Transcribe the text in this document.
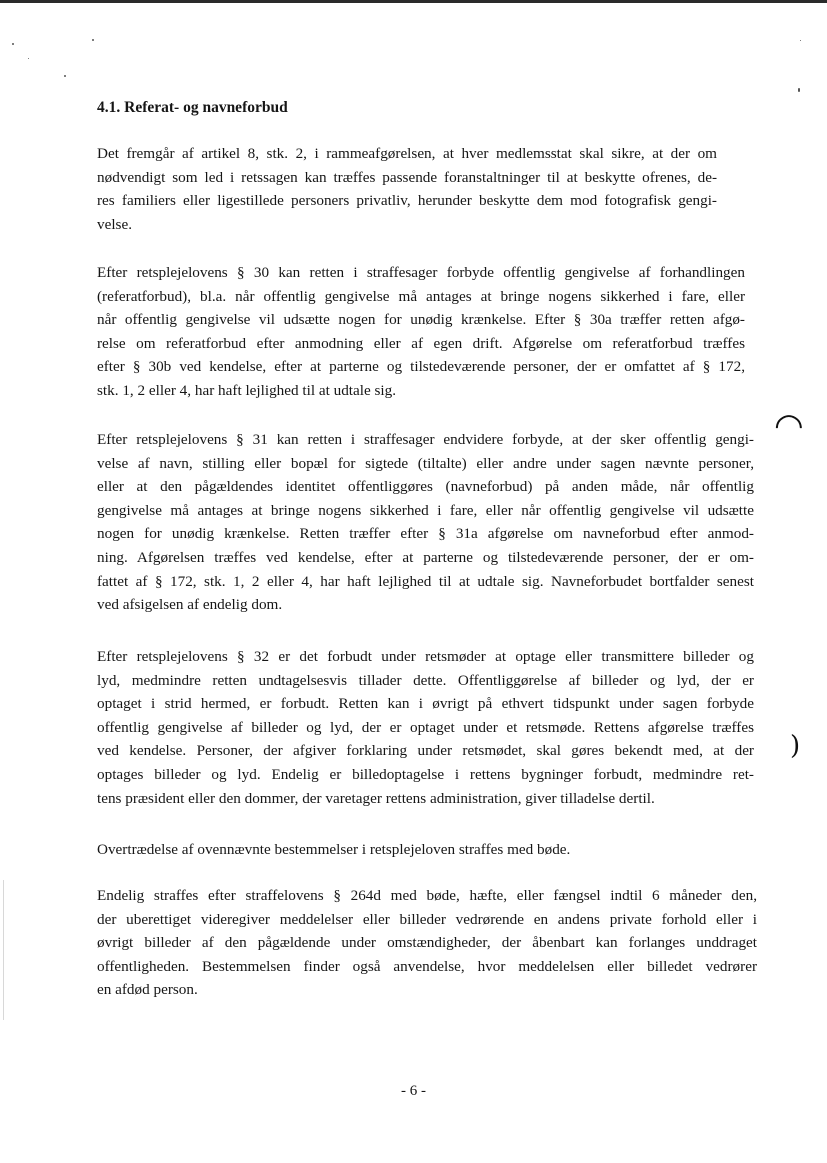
◠
)
4.1. Referat- og navneforbud
Det fremgår af artikel 8, stk. 2, i rammeafgørelsen, at hver medlemsstat skal sikre, at der om
nødvendigt som led i retssagen kan træffes passende foranstaltninger til at beskytte ofrenes, de-
res familiers eller ligestillede personers privatliv, herunder beskytte dem mod fotografisk gengi-
velse.
Efter retsplejelovens § 30 kan retten i straffesager forbyde offentlig gengivelse af forhandlingen
(referatforbud), bl.a. når offentlig gengivelse må antages at bringe nogens sikkerhed i fare, eller
når offentlig gengivelse vil udsætte nogen for unødig krænkelse. Efter § 30a træffer retten afgø-
relse om referatforbud efter anmodning eller af egen drift. Afgørelse om referatforbud træffes
efter § 30b ved kendelse, efter at parterne og tilstedeværende personer, der er omfattet af § 172,
stk. 1, 2 eller 4, har haft lejlighed til at udtale sig.
Efter retsplejelovens § 31 kan retten i straffesager endvidere forbyde, at der sker offentlig gengi-
velse af navn, stilling eller bopæl for sigtede (tiltalte) eller andre under sagen nævnte personer,
eller at den pågældendes identitet offentliggøres (navneforbud) på anden måde, når offentlig
gengivelse må antages at bringe nogens sikkerhed i fare, eller når offentlig gengivelse vil udsætte
nogen for unødig krænkelse. Retten træffer efter § 31a afgørelse om navneforbud efter anmod-
ning. Afgørelsen træffes ved kendelse, efter at parterne og tilstedeværende personer, der er om-
fattet af § 172, stk. 1, 2 eller 4, har haft lejlighed til at udtale sig. Navneforbudet bortfalder senest
ved afsigelsen af endelig dom.
Efter retsplejelovens § 32 er det forbudt under retsmøder at optage eller transmittere billeder og
lyd, medmindre retten undtagelsesvis tillader dette. Offentliggørelse af billeder og lyd, der er
optaget i strid hermed, er forbudt. Retten kan i øvrigt på ethvert tidspunkt under sagen forbyde
offentlig gengivelse af billeder og lyd, der er optaget under et retsmøde. Rettens afgørelse træffes
ved kendelse. Personer, der afgiver forklaring under retsmødet, skal gøres bekendt med, at der
optages billeder og lyd. Endelig er billedoptagelse i rettens bygninger forbudt, medmindre ret-
tens præsident eller den dommer, der varetager rettens administration, giver tilladelse dertil.
Overtrædelse af ovennævnte bestemmelser i retsplejeloven straffes med bøde.
Endelig straffes efter straffelovens § 264d med bøde, hæfte, eller fængsel indtil 6 måneder den,
der uberettiget videregiver meddelelser eller billeder vedrørende en andens private forhold eller i
øvrigt billeder af den pågældende under omstændigheder, der åbenbart kan forlanges unddraget
offentligheden. Bestemmelsen finder også anvendelse, hvor meddelelsen eller billedet vedrører
en afdød person.

- 6 -
